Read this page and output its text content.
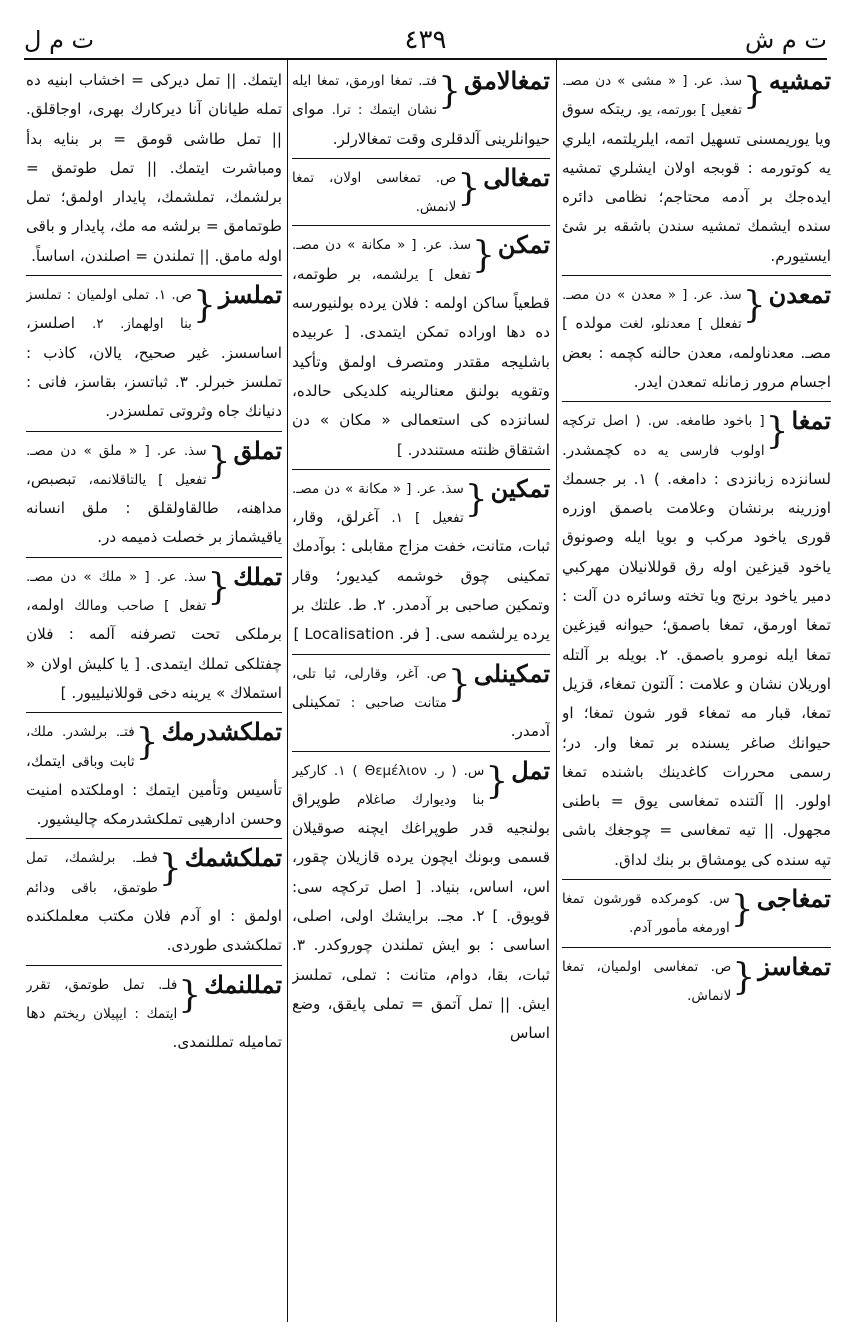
ت م ش
٤٣٩
ت م ل
تمشيه
{
سذ. عر. [ « مشى » دن مصـ. تفعيل ] بورتمه، يو. ريتكه سوق ويا يوريمسنى تسهيل اتمه، ايلريلتمه، ايلري يه كوتورمه : قوبجه اولان ايشلري تمشيه ايدەجك بر آدمه محتاجم؛ نظامى دائره سنده ايشمك تمشيه سندن باشقه بر شئ ايستيورم.
تمعدن
{
سذ. عر. [ « معدن » دن مصـ. تفعلل ] معدنلو، لغت مولده ] مصـ. معدناولمه، معدن حالنه كچمه : بعض اجسام مرور زمانله تمعدن ايدر.
تمغا
{
[ باخود طامغه. س. ( اصل تركچه اولوب فارسى يه ده كچمشدر. لسانزده زبانزدى : دامغه. ) ١. بر جسمك اوزرينه برنشان وعلامت باصمق اوزره قورى ياخود مركب و بويا ايله وصونوق ياخود قيزغين اوله رق قوللانيلان مهركبي دمير ياخود برنج ويا تخته وسائره دن آلت : تمغا اورمق، تمغا باصمق؛ حيوانه قيزغين تمغا ايله نومرو باصمق. ٢. بويله بر آلتله اوريلان نشان و علامت : آلتون تمغاء، قزيل تمغا، قبار مه تمغاء قور شون تمغا؛ او حيوانك صاغر يسنده بر تمغا وار. در؛ رسمى محررات كاغدينك باشنده تمغا اولور. || آلتنده تمغاسى يوق = باطنى مجهول. || تيه تمغاسى = چوجغك باشى تپه سنده كى يومشاق بر بنك لداق.
تمغاجى
{
س. كومركده قورشون تمغا اورمغه مأمور آدم.
تمغاسز
{
ص. تمغاسى اولميان، تمغا لانماش.
تمغالامق
{
فتـ. تمغا اورمق، تمغا ايله نشان ايتمك : ترا. مواى حيوانلرينى آلدقلرى وقت تمغالارلر.
تمغالى
{
ص. تمغاسى اولان، تمغا لانمش.
تمكن
{
سذ. عر. [ « مكانة » دن مصـ. تفعل ] يرلشمه، بر طوتمه، قطعياً ساكن اولمه : فلان يرده بولنيورسه ده دها اوراده تمكن ايتمدى. [ عربيده باشليجه مقتدر ومتصرف اولمق وتأكيد وتقويه بولنق معنالرينه كلديكى حالده، لسانزده كى استعمالى « مكان » دن اشتقاق ظنته مستنددر. ]
تمكين
{
سذ. عر. [ « مكانة » دن مصـ. تفعيل ] ١. آغرلق، وقار، ثبات، متانت، خفت مزاج مقابلى : بوآدمك تمكينى چوق خوشمه كيديور؛ وقار وتمكين صاحبى بر آدمدر. ٢. ط. علتك بر يرده يرلشمه سى. [ فر. Localisation ]
تمكينلى
{
ص. آغر، وقارلى، ثبا تلى، متانت صاحبى : تمكينلى آدمدر.
تمل
{
س. ( ر. Θεμέλιον ) ١. كاركير بنا وديوارك صاغلام طوپراق بولنجيه قدر طوپراغك ايچنه صوقيلان قسمى وبونك ايچون يرده قازيلان چقور، اس، اساس، بنياد. [ اصل تركچه سى: قويوق. ] ٢. مجـ. برايشك اولى، اصلى، اساسى : بو ايش تملندن چوروكدر. ٣. ثبات، بقا، دوام، متانت : تملى، تملسز ايش. || تمل آتمق = تملى پايقق، وضع اساس
ايتمك. || تمل ديركى = اخشاب ابنيه ده تمله طيانان آنا ديركارك بهرى، اوجاقلق. || تمل طاشى قومق = بر بنايه بدأ ومباشرت ايتمك. || تمل طوتمق = برلشمك، تملشمك، پايدار اولمق؛ تمل طوتمامق = برلشه مه مك، پايدار و باقى اوله مامق. || تملندن = اصلندن، اساساً.
تملسز
{
ص. ١. تملى اولميان : تملسز بنا اولهماز. ٢. اصلسز، اساسسز. غير صحيح، يالان، كاذب : تملسز خبرلر. ٣. ثباتسز، بقاسز، فانى : دنيانك جاه وثروتى تملسزدر.
تملق
{
سذ. عر. [ « ملق » دن مصـ. تفعيل ] يالتاقلانمه، تبصبص، مداهنه، طالقاولقلق : ملق انسانه ياقيشماز بر خصلت ذميمه در.
تملك
{
سذ. عر. [ « ملك » دن مصـ. تفعل ] صاحب ومالك اولمه، برملكى تحت تصرفنه آلمه : فلان چفتلكى تملك ايتمدى. [ يا كليش اولان « استملاك » يرينه دخى قوللانيلييور. ]
تملكشدرمك
{
فتـ. برلشدر. ملك، ثابت وباقى ايتمك، تأسيس وتأمين ايتمك : اوملكتده امنيت وحسن ادارهيى تملكشدرمكه چاليشيور.
تملكشمك
{
فطـ. برلشمك، تمل طوتمق، باقى ودائم اولمق : او آدم فلان مكتب معلملكنده تملكشدى طوردى.
تمللنمك
{
فلـ. تمل طوتمق، تقرر ايتمك : ايپيلان ريختم دها تماميله تمللنمدى.
